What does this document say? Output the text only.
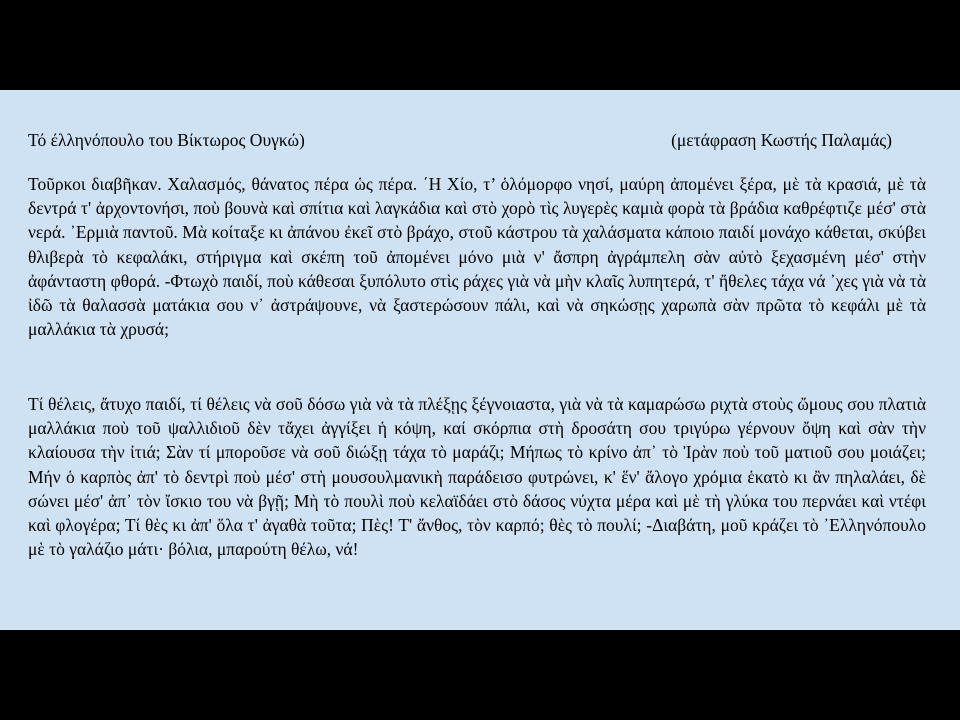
Τό έλληνόπουλο του Βίκτωρος Ουγκώ)	(μετάφραση Κωστής Παλαμάς)

Τοῦρκοι διαβῆκαν. Χαλασμός, θάνατος πέρα ὡς πέρα. ΄Η Χίο, τ’ ὁλόμορφο νησί, μαύρη ἀπομένει ξέρα, μὲ τὰ κρασιά, μὲ τὰ δεντρά τ' ἀρχοντονήσι, ποὺ βουνὰ καὶ σπίτια καὶ λαγκάδια καὶ στὸ χορὸ τὶς λυγερὲς καμιὰ φορὰ τὰ βράδια καθρέφτιζε μέσ' στὰ νερά. ᾿Ερμιὰ παντοῦ. Μὰ κοίταξε κι ἀπάνου ἐκεῖ στὸ βράχο, στοῦ κάστρου τὰ χαλάσματα κάποιο παιδί μονάχο κάθεται, σκύβει θλιβερὰ τὸ κεφαλάκι, στήριγμα καὶ σκέπη τοῦ ἀπομένει μόνο μιὰ ν' ἄσπρη ἀγράμπελη σὰν αὐτὸ ξεχασμένη μέσ' στὴν ἀφάνταστη φθορά. -Φτωχὸ παιδί, ποὺ κάθεσαι ξυπόλυτο στὶς ράχες γιὰ νὰ μὴν κλαῖς λυπητερά, τ' ἤθελες τάχα νά ᾿χες γιὰ νὰ τὰ ἰδῶ τὰ θαλασσὰ ματάκια σου ν᾿ ἀστράψουνε, νὰ ξαστερώσουν πάλι, καὶ νὰ σηκώσῃς χαρωπὰ σὰν πρῶτα τὸ κεφάλι μὲ τὰ μαλλάκια τὰ χρυσά;

Τί θέλεις, ἄτυχο παιδί, τί θέλεις νὰ σοῦ δόσω γιὰ νὰ τὰ πλέξῃς ξέγνοιαστα, γιὰ νὰ τὰ καμαρώσω ριχτὰ στοὺς ὤμους σου πλατιὰ μαλλάκια ποὺ τοῦ ψαλλιδιοῦ δὲν τἄχει ἀγγίξει ἡ κόψη, καί σκόρπια στὴ δροσάτη σου τριγύρω γέρνουν ὄψη καὶ σὰν τὴν κλαίουσα τὴν ἰτιά; Σὰν τί μποροῦσε νὰ σοῦ διώξῃ τάχα τὸ μαράζι; Μήπως τὸ κρίνο ἀπ᾿ τὸ Ἰρὰν ποὺ τοῦ ματιοῦ σου μοιάζει; Μήν ὁ καρπὸς ἀπ' τὸ δεντρὶ ποὺ μέσ' στὴ μουσουλμανικὴ παράδεισο φυτρώνει, κ' ἕν' ἄλογο χρόμια ἑκατὸ κι ἂν πηλαλάει, δὲ σώνει μέσ' ἀπ᾿ τὸν ἴσκιο του νὰ βγῇ; Μὴ τὸ πουλὶ ποὺ κελαϊδάει στὸ δάσος νύχτα μέρα καὶ μὲ τὴ γλύκα του περνάει καὶ ντέφι καὶ φλογέρα; Τί θὲς κι ἀπ' ὅλα τ' ἀγαθὰ τοῦτα; Πὲς! Τ' ἄνθος, τὸν καρπό; θὲς τὸ πουλί; -Διαβάτη, μοῦ κράζει τὸ ᾿Ελληνόπουλο μὲ τὸ γαλάζιο μάτι· βόλια, μπαρούτη θέλω, νά!
